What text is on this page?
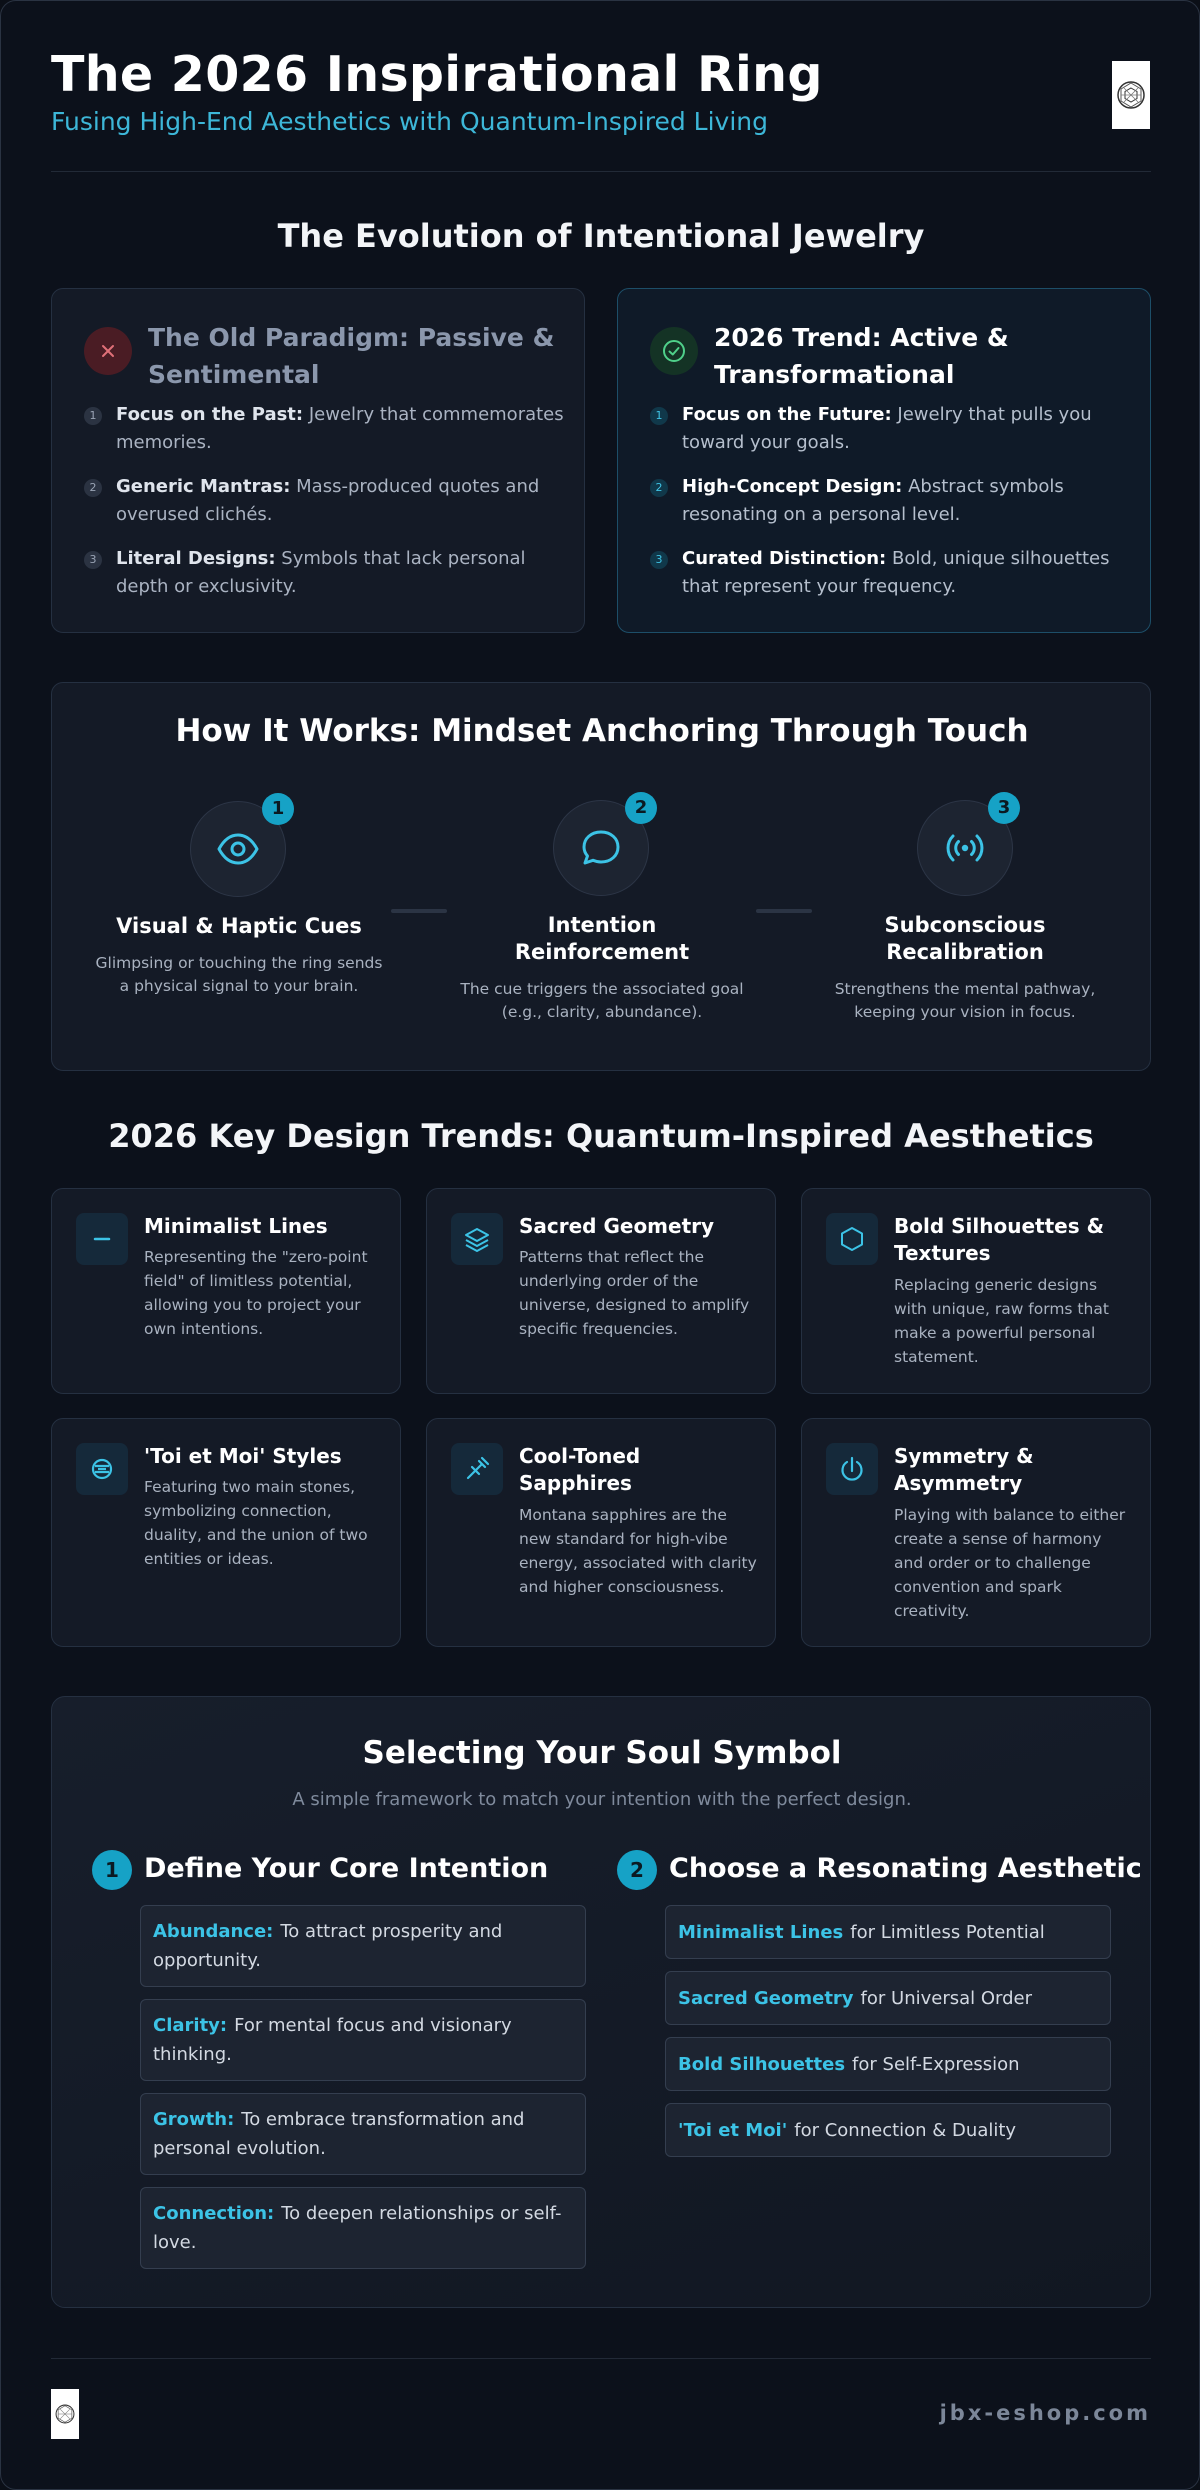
The 2026 Inspirational Ring
Fusing High-End Aesthetics with Quantum-Inspired Living
The Evolution of Intentional Jewelry
The Old Paradigm: Passive & Sentimental
1	Focus on the Past: Jewelry that commemorates memories.
2	Generic Mantras: Mass-produced quotes and overused clichés.
3	Literal Designs: Symbols that lack personal depth or exclusivity.
2026 Trend: Active & Transformational
1	Focus on the Future: Jewelry that pulls you toward your goals.
2	High-Concept Design: Abstract symbols resonating on a personal level.
3	Curated Distinction: Bold, unique silhouettes that represent your frequency.
How It Works: Mindset Anchoring Through Touch
1
Visual & Haptic Cues
Glimpsing or touching the ring sends a physical signal to your brain.
2
Intention Reinforcement
The cue triggers the associated goal (e.g., clarity, abundance).
3
Subconscious Recalibration
Strengthens the mental pathway, keeping your vision in focus.
2026 Key Design Trends: Quantum-Inspired Aesthetics
Minimalist Lines
Representing the "zero-point field" of limitless potential, allowing you to project your own intentions.
Sacred Geometry
Patterns that reflect the underlying order of the universe, designed to amplify specific frequencies.
Bold Silhouettes & Textures
Replacing generic designs with unique, raw forms that make a powerful personal statement.
'Toi et Moi' Styles
Featuring two main stones, symbolizing connection, duality, and the union of two entities or ideas.
Cool-Toned Sapphires
Montana sapphires are the new standard for high-vibe energy, associated with clarity and higher consciousness.
Symmetry & Asymmetry
Playing with balance to either create a sense of harmony and order or to challenge convention and spark creativity.
Selecting Your Soul Symbol
A simple framework to match your intention with the perfect design.
1 Define Your Core Intention
Abundance: To attract prosperity and opportunity.
Clarity: For mental focus and visionary thinking.
Growth: To embrace transformation and personal evolution.
Connection: To deepen relationships or self-love.
2 Choose a Resonating Aesthetic
Minimalist Lines for Limitless Potential
Sacred Geometry for Universal Order
Bold Silhouettes for Self-Expression
'Toi et Moi' for Connection & Duality
jbx-eshop.com
